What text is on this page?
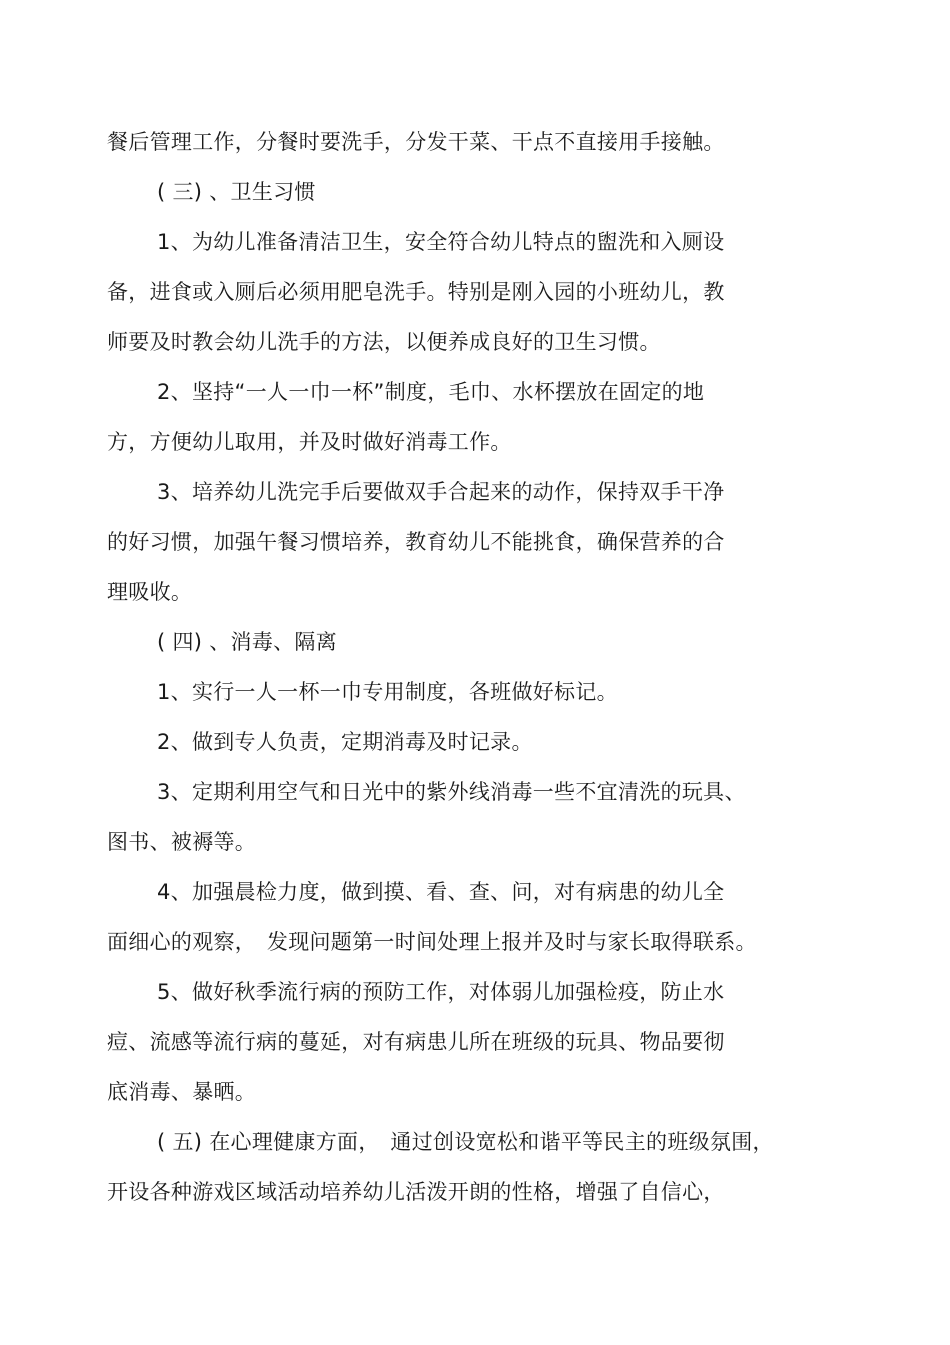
餐后管理工作，分餐时要洗手，分发干菜、干点不直接用手接触。
( 三) 、卫生习惯
1、为幼儿准备清洁卫生，安全符合幼儿特点的盥洗和入厕设
备，进食或入厕后必须用肥皂洗手。特别是刚入园的小班幼儿，教
师要及时教会幼儿洗手的方法，以便养成良好的卫生习惯。
2、坚持“一人一巾一杯”制度，毛巾、水杯摆放在固定的地
方，方便幼儿取用，并及时做好消毒工作。
3、培养幼儿洗完手后要做双手合起来的动作，保持双手干净
的好习惯，加强午餐习惯培养，教育幼儿不能挑食，确保营养的合
理吸收。
( 四) 、消毒、隔离
1、实行一人一杯一巾专用制度，各班做好标记。
2、做到专人负责，定期消毒及时记录。
3、定期利用空气和日光中的紫外线消毒一些不宜清洗的玩具、
图书、被褥等。
4、加强晨检力度，做到摸、看、查、问，对有病患的幼儿全
面细心的观察，　发现问题第一时间处理上报并及时与家长取得联系。
5、做好秋季流行病的预防工作，对体弱儿加强检疫，防止水
痘、流感等流行病的蔓延，对有病患儿所在班级的玩具、物品要彻
底消毒、暴晒。
( 五) 在心理健康方面，　通过创设宽松和谐平等民主的班级氛围，
开设各种游戏区域活动培养幼儿活泼开朗的性格，增强了自信心，
